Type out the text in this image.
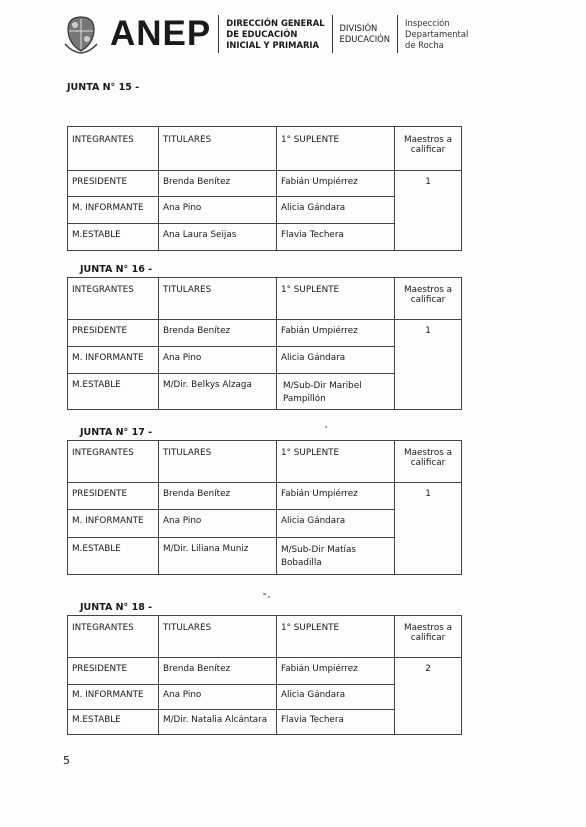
ANEP DIRECCIÓN GENERAL
DE EDUCACIÓN
INICIAL Y PRIMARIA
DIVISIÓN
EDUCACIÓN
Inspección
Departamental
de Rocha
JUNTA N° 15 -
INTEGRANTES	TITULARES	1° SUPLENTE	Maestros a calificar
PRESIDENTE	Brenda Benítez	Fabián Umpiérrez	1
M. INFORMANTE	Ana Pino	Alicia Gándara	
M.ESTABLE	Ana Laura Seijas	Flavia Techera	
JUNTA N° 16 -
INTEGRANTES	TITULARES	1° SUPLENTE	Maestros a calificar
PRESIDENTE	Brenda Benítez	Fabián Umpiérrez	1
M. INFORMANTE	Ana Pino	Alicia Gándara	
M.ESTABLE	M/Dir. Belkys Alzaga	M/Sub-Dir Maribel Pampillón	
JUNTA N° 17 -
INTEGRANTES	TITULARES	1° SUPLENTE	Maestros a calificar
PRESIDENTE	Brenda Benítez	Fabián Umpiérrez	1
M. INFORMANTE	Ana Pino	Alicia Gándara	
M.ESTABLE	M/Dir. Liliana Muniz	M/Sub-Dir Matías Bobadilla	
JUNTA N° 18 -
INTEGRANTES	TITULARES	1° SUPLENTE	Maestros a calificar
PRESIDENTE	Brenda Benítez	Fabián Umpiérrez	2
M. INFORMANTE	Ana Pino	Alicia Gándara	
M.ESTABLE	M/Dir. Natalia Alcántara	Flavia Techera	
5
